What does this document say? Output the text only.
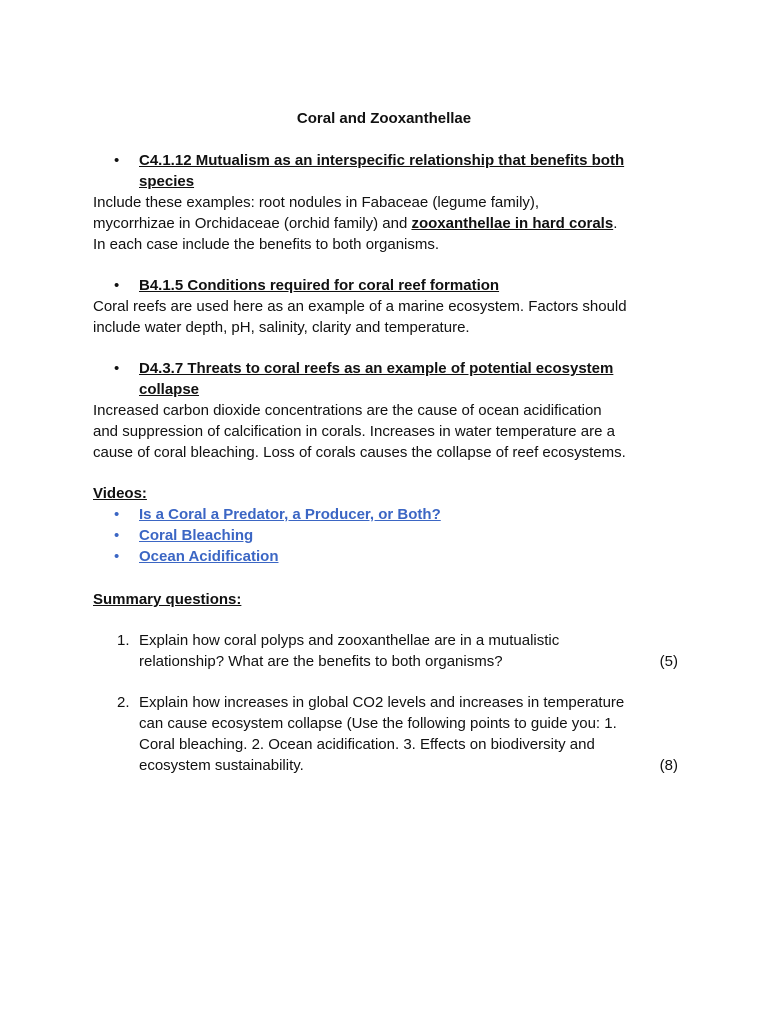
Coral and Zooxanthellae
• C4.1.12 Mutualism as an interspecific relationship that benefits both
species
Include these examples: root nodules in Fabaceae (legume family),
mycorrhizae in Orchidaceae (orchid family) and zooxanthellae in hard corals.
In each case include the benefits to both organisms.
• B4.1.5 Conditions required for coral reef formation
Coral reefs are used here as an example of a marine ecosystem. Factors should
include water depth, pH, salinity, clarity and temperature.
• D4.3.7 Threats to coral reefs as an example of potential ecosystem
collapse
Increased carbon dioxide concentrations are the cause of ocean acidification
and suppression of calcification in corals. Increases in water temperature are a
cause of coral bleaching. Loss of corals causes the collapse of reef ecosystems.
Videos:
• Is a Coral a Predator, a Producer, or Both?
• Coral Bleaching
• Ocean Acidification
Summary questions:
1. Explain how coral polyps and zooxanthellae are in a mutualistic
relationship? What are the benefits to both organisms?	(5)
2. Explain how increases in global CO2 levels and increases in temperature
can cause ecosystem collapse (Use the following points to guide you: 1.
Coral bleaching. 2. Ocean acidification. 3. Effects on biodiversity and
ecosystem sustainability.	(8)
